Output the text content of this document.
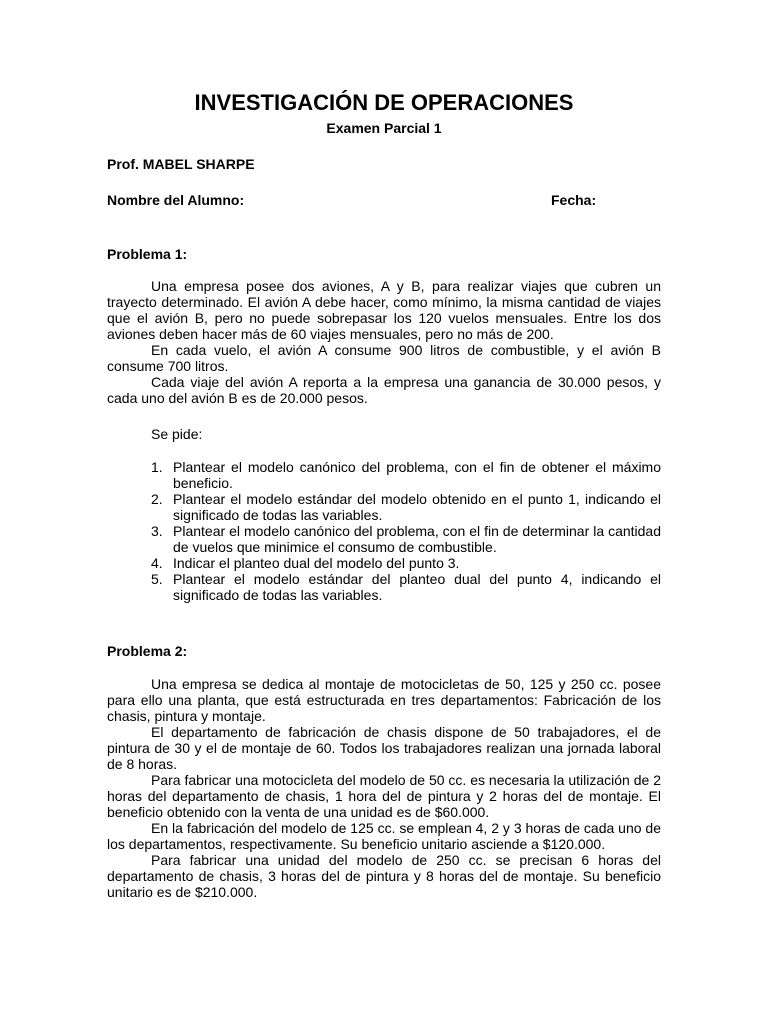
INVESTIGACIÓN DE OPERACIONES
Examen Parcial 1
Prof. MABEL SHARPE
Nombre del Alumno:	Fecha:
Problema 1:

Una empresa posee dos aviones, A y B, para realizar viajes que cubren un trayecto determinado. El avión A debe hacer, como mínimo, la misma cantidad de viajes que el avión B, pero no puede sobrepasar los 120 vuelos mensuales. Entre los dos aviones deben hacer más de 60 viajes mensuales, pero no más de 200.

En cada vuelo, el avión A consume 900 litros de combustible, y el avión B consume 700 litros.

Cada viaje del avión A reporta a la empresa una ganancia de 30.000 pesos, y cada uno del avión B es de 20.000 pesos.

Se pide:
1. Plantear el modelo canónico del problema, con el fin de obtener el máximo beneficio.
2. Plantear el modelo estándar del modelo obtenido en el punto 1, indicando el significado de todas las variables.
3. Plantear el modelo canónico del problema, con el fin de determinar la cantidad de vuelos que minimice el consumo de combustible.
4. Indicar el planteo dual del modelo del punto 3.
5. Plantear el modelo estándar del planteo dual del punto 4, indicando el significado de todas las variables.
Problema 2:

Una empresa se dedica al montaje de motocicletas de 50, 125 y 250 cc. posee para ello una planta, que está estructurada en tres departamentos: Fabricación de los chasis, pintura y montaje.

El departamento de fabricación de chasis dispone de 50 trabajadores, el de pintura de 30 y el de montaje de 60. Todos los trabajadores realizan una jornada laboral de 8 horas.

Para fabricar una motocicleta del modelo de 50 cc. es necesaria la utilización de 2 horas del departamento de chasis, 1 hora del de pintura y 2 horas del de montaje. El beneficio obtenido con la venta de una unidad es de $60.000.

En la fabricación del modelo de 125 cc. se emplean 4, 2 y 3 horas de cada uno de los departamentos, respectivamente. Su beneficio unitario asciende a $120.000.

Para fabricar una unidad del modelo de 250 cc. se precisan 6 horas del departamento de chasis, 3 horas del de pintura y 8 horas del de montaje. Su beneficio unitario es de $210.000.
